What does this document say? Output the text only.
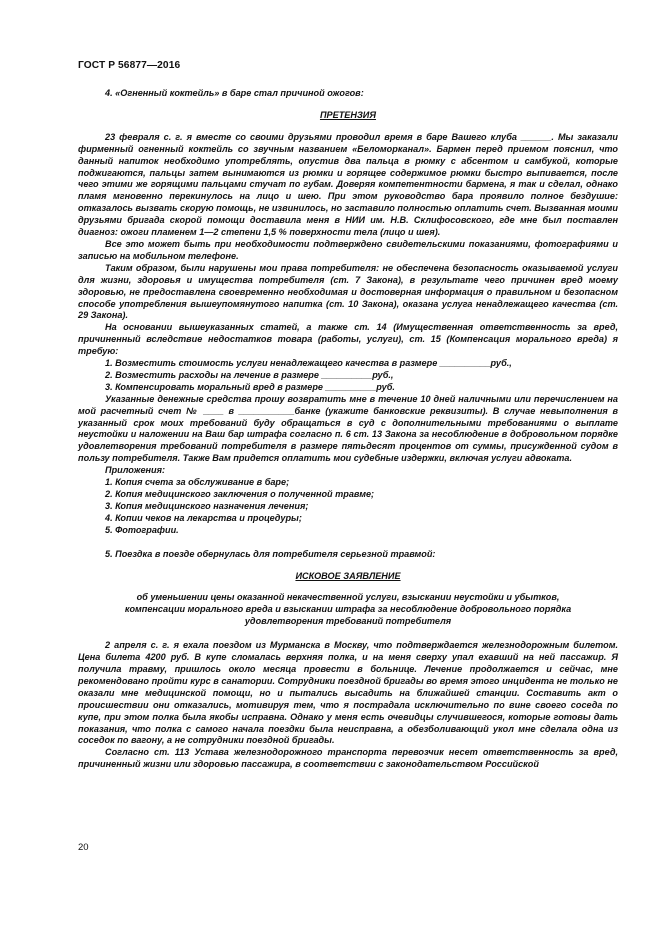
ГОСТ Р 56877—2016

4. «Огненный коктейль» в баре стал причиной ожогов:

ПРЕТЕНЗИЯ

23 февраля с. г. я вместе со своими друзьями проводил время в баре Вашего клуба ______. Мы заказали фирменный огненный коктейль со звучным названием «Беломорканал». Бармен перед приемом пояснил, что данный напиток необходимо употреблять, опустив два пальца в рюмку с абсентом и самбукой, которые поджигаются, пальцы затем вынимаются из рюмки и горящее содержимое рюмки быстро выпивается, после чего этими же горящими пальцами стучат по губам. Доверяя компетентности бармена, я так и сделал, однако пламя мгновенно перекинулось на лицо и шею. При этом руководство бара проявило полное бездушие: отказалось вызвать скорую помощь, не извинилось, но заставило полностью оплатить счет. Вызванная моими друзьями бригада скорой помощи доставила меня в НИИ им. Н.В. Склифосовского, где мне был поставлен диагноз: ожоги пламенем 1—2 степени 1,5 % поверхности тела (лицо и шея).

Все это может быть при необходимости подтверждено свидетельскими показаниями, фотографиями и записью на мобильном телефоне.

Таким образом, были нарушены мои права потребителя: не обеспечена безопасность оказываемой услуги для жизни, здоровья и имущества потребителя (ст. 7 Закона), в результате чего причинен вред моему здоровью, не предоставлена своевременно необходимая и достоверная информация о правильном и безопасном способе употребления вышеупомянутого напитка (ст. 10 Закона), оказана услуга ненадлежащего качества (ст. 29 Закона).

На основании вышеуказанных статей, а также ст. 14 (Имущественная ответственность за вред, причиненный вследствие недостатков товара (работы, услуги), ст. 15 (Компенсация морального вреда) я требую:

1. Возместить стоимость услуги ненадлежащего качества в размере __________руб.,

2. Возместить расходы на лечение в размере __________руб.,

3. Компенсировать моральный вред в размере __________руб.

Указанные денежные средства прошу возвратить мне в течение 10 дней наличными или перечислением на мой расчетный счет № ____ в ___________банке (укажите банковские реквизиты). В случае невыполнения в указанный срок моих требований буду обращаться в суд с дополнительными требованиями о выплате неустойки и наложении на Ваш бар штрафа согласно п. 6 ст. 13 Закона за несоблюдение в добровольном порядке удовлетворения требований потребителя в размере пятьдесят процентов от суммы, присужденной судом в пользу потребителя. Также Вам придется оплатить мои судебные издержки, включая услуги адвоката.

Приложения:

1. Копия счета за обслуживание в баре;

2. Копия медицинского заключения о полученной травме;

3. Копия медицинского назначения лечения;

4. Копии чеков на лекарства и процедуры;

5. Фотографии.

5. Поездка в поезде обернулась для потребителя серьезной травмой:

ИСКОВОЕ ЗАЯВЛЕНИЕ

об уменьшении цены оказанной некачественной услуги, взыскании неустойки и убытков, компенсации морального вреда и взыскании штрафа за несоблюдение добровольного порядка удовлетворения требований потребителя

2 апреля с. г. я ехала поездом из Мурманска в Москву, что подтверждается железнодорожным билетом. Цена билета 4200 руб. В купе сломалась верхняя полка, и на меня сверху упал ехавший на ней пассажир. Я получила травму, пришлось около месяца провести в больнице. Лечение продолжается и сейчас, мне рекомендовано пройти курс в санатории. Сотрудники поездной бригады во время этого инцидента не только не оказали мне медицинской помощи, но и пытались высадить на ближайшей станции. Составить акт о происшествии они отказались, мотивируя тем, что я пострадала исключительно по вине своего соседа по купе, при этом полка была якобы исправна. Однако у меня есть очевидцы случившегося, которые готовы дать показания, что полка с самого начала поездки была неисправна, а обезболивающий укол мне сделала одна из соседок по вагону, а не сотрудники поездной бригады.

Согласно ст. 113 Устава железнодорожного транспорта перевозчик несет ответственность за вред, причиненный жизни или здоровью пассажира, в соответствии с законодательством Российской

20
